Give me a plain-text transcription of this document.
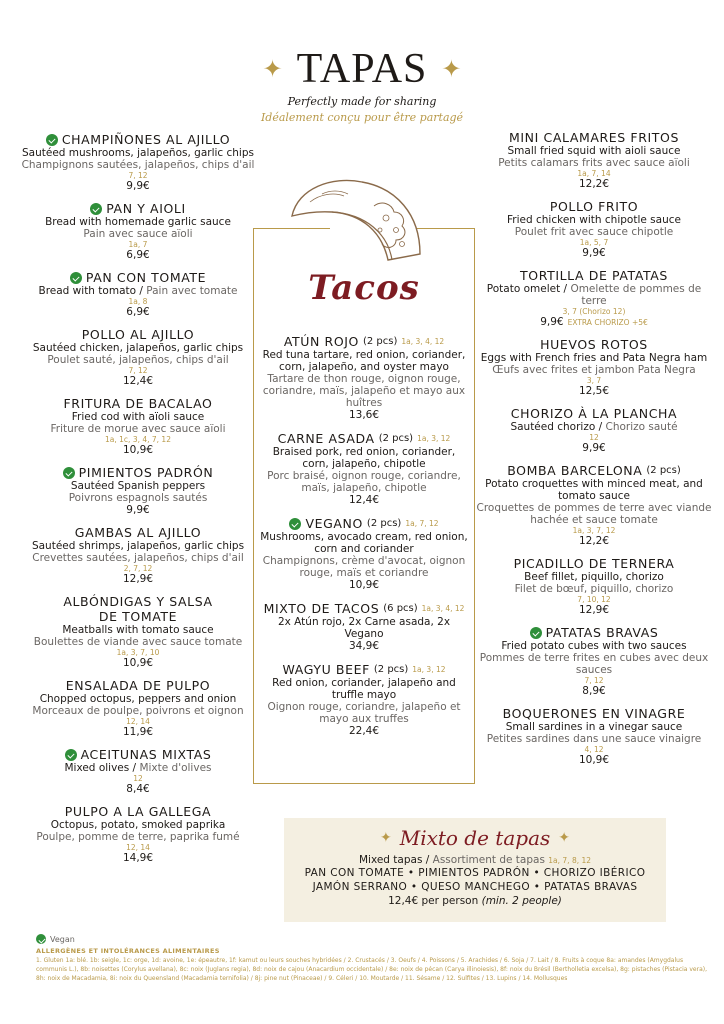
✦ TAPAS ✦
Perfectly made for sharing
Idéalement conçu pour être partagé
CHAMPIÑONES AL AJILLO
Sautéed mushrooms, jalapeños, garlic chips
Champignons sautées, jalapeños, chips d'ail
7, 12
9,9€
PAN Y AIOLI
Bread with homemade garlic sauce
Pain avec sauce aïoli
1a, 7
6,9€
PAN CON TOMATE
Bread with tomato / Pain avec tomate
1a, 8
6,9€
POLLO AL AJILLO
Sautéed chicken, jalapeños, garlic chips
Poulet sauté, jalapeños, chips d'ail
7, 12
12,4€
FRITURA DE BACALAO
Fried cod with aïoli sauce
Friture de morue avec sauce aïoli
1a, 1c, 3, 4, 7, 12
10,9€
PIMIENTOS PADRÓN
Sautéed Spanish peppers
Poivrons espagnols sautés
9,9€
GAMBAS AL AJILLO
Sautéed shrimps, jalapeños, garlic chips
Crevettes sautées, jalapeños, chips d'ail
2, 7, 12
12,9€
ALBÓNDIGAS Y SALSA
DE TOMATE
Meatballs with tomato sauce
Boulettes de viande avec sauce tomate
1a, 3, 7, 10
10,9€
ENSALADA DE PULPO
Chopped octopus, peppers and onion
Morceaux de poulpe, poivrons et oignon
12, 14
11,9€
ACEITUNAS MIXTAS
Mixed olives / Mixte d'olives
12
8,4€
PULPO A LA GALLEGA
Octopus, potato, smoked paprika
Poulpe, pomme de terre, paprika fumé
12, 14
14,9€
Tacos
ATÚN ROJO (2 pcs) 1a, 3, 4, 12
Red tuna tartare, red onion, coriander, corn, jalapeño, and oyster mayo
Tartare de thon rouge, oignon rouge, coriandre, maïs, jalapeño et mayo aux huîtres
13,6€
CARNE ASADA (2 pcs) 1a, 3, 12
Braised pork, red onion, coriander, corn, jalapeño, chipotle
Porc braisé, oignon rouge, coriandre, maïs, jalapeño, chipotle
12,4€
VEGANO (2 pcs) 1a, 7, 12
Mushrooms, avocado cream, red onion, corn and coriander
Champignons, crème d'avocat, oignon rouge, maïs et coriandre
10,9€
MIXTO DE TACOS (6 pcs) 1a, 3, 4, 12
2x Atún rojo, 2x Carne asada, 2x Vegano
34,9€
WAGYU BEEF (2 pcs) 1a, 3, 12
Red onion, coriander, jalapeño and truffle mayo
Oignon rouge, coriandre, jalapeño et mayo aux truffes
22,4€
MINI CALAMARES FRITOS
Small fried squid with aioli sauce
Petits calamars frits avec sauce aïoli
1a, 7, 14
12,2€
POLLO FRITO
Fried chicken with chipotle sauce
Poulet frit avec sauce chipotle
1a, 5, 7
9,9€
TORTILLA DE PATATAS
Potato omelet / Omelette de pommes de terre
3, 7 (Chorizo 12)
9,9€ EXTRA CHORIZO +5€
HUEVOS ROTOS
Eggs with French fries and Pata Negra ham
Œufs avec frites et jambon Pata Negra
3, 7
12,5€
CHORIZO À LA PLANCHA
Sautéed chorizo / Chorizo sauté
12
9,9€
BOMBA BARCELONA (2 pcs)
Potato croquettes with minced meat, and tomato sauce
Croquettes de pommes de terre avec viande hachée et sauce tomate
1a, 3, 7, 12
12,2€
PICADILLO DE TERNERA
Beef fillet, piquillo, chorizo
Filet de bœuf, piquillo, chorizo
7, 10, 12
12,9€
PATATAS BRAVAS
Fried potato cubes with two sauces
Pommes de terre frites en cubes avec deux sauces
7, 12
8,9€
BOQUERONES EN VINAGRE
Small sardines in a vinegar sauce
Petites sardines dans une sauce vinaigre
4, 12
10,9€
✦ Mixto de tapas ✦
Mixed tapas / Assortiment de tapas 1a, 7, 8, 12
PAN CON TOMATE • PIMIENTOS PADRÓN • CHORIZO IBÉRICO
JAMÓN SERRANO • QUESO MANCHEGO • PATATAS BRAVAS
12,4€ per person (min. 2 people)
Vegan
ALLERGÈNES ET INTOLÉRANCES ALIMENTAIRES
1. Gluten 1a: blé. 1b: seigle, 1c: orge, 1d: avoine, 1e: épeautre, 1f: kamut ou leurs souches hybridées / 2. Crustacés / 3. Oeufs / 4. Poissons / 5. Arachides / 6. Soja / 7. Lait / 8. Fruits à coque 8a: amandes (Amygdalus communis L.), 8b: noisettes (Corylus avellana), 8c: noix (Juglans regia), 8d: noix de cajou (Anacardium occidentale) / 8e: noix de pécan (Carya illinoiesis), 8f: noix du Brésil (Bertholletia excelsa), 8g: pistaches (Pistacia vera), 8h: noix de Macadamia, 8i: noix du Queensland (Macadamia ternifolia) / 8j: pine nut (Pinaceae) / 9. Céleri / 10. Moutarde / 11. Sésame / 12. Sulfites / 13. Lupins / 14. Mollusques
